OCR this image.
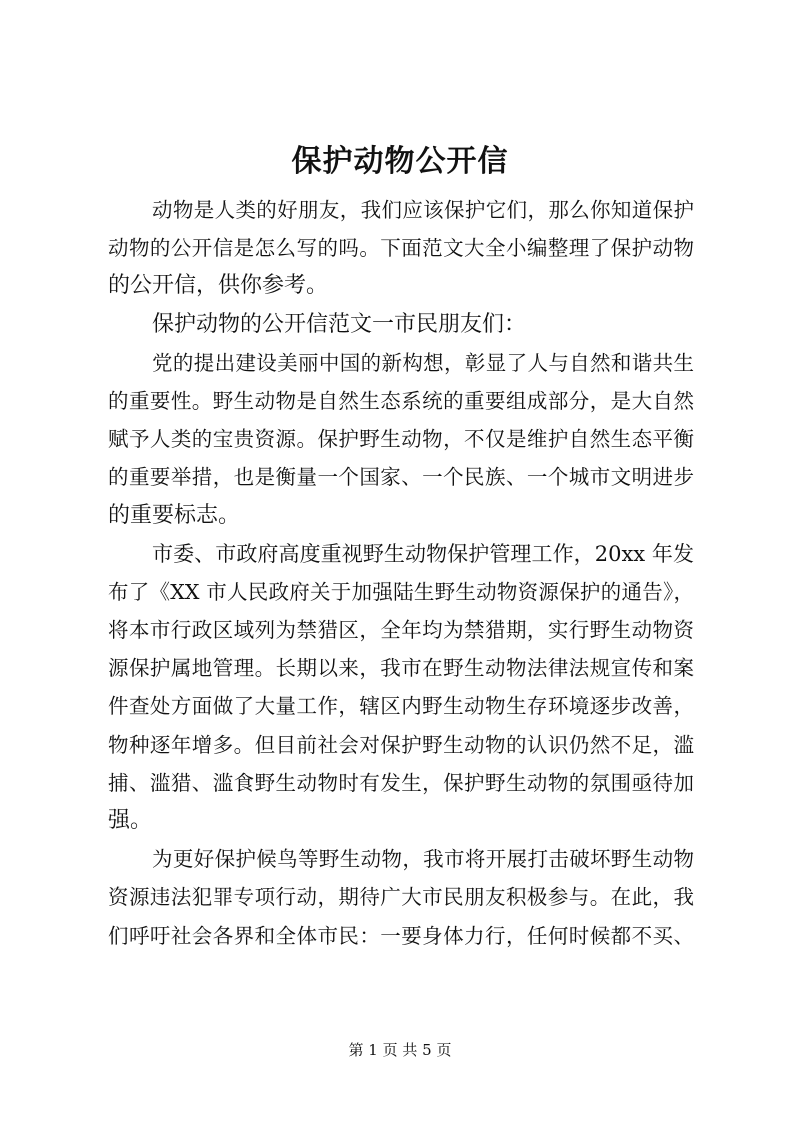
保护动物公开信
动物是人类的好朋友，我们应该保护它们，那么你知道保护
动物的公开信是怎么写的吗。下面范文大全小编整理了保护动物
的公开信，供你参考。
保护动物的公开信范文一市民朋友们：
党的提出建设美丽中国的新构想，彰显了人与自然和谐共生
的重要性。野生动物是自然生态系统的重要组成部分，是大自然
赋予人类的宝贵资源。保护野生动物，不仅是维护自然生态平衡
的重要举措，也是衡量一个国家、一个民族、一个城市文明进步
的重要标志。
市委、市政府高度重视野生动物保护管理工作，20xx 年发
布了《XX 市人民政府关于加强陆生野生动物资源保护的通告》，
将本市行政区域列为禁猎区，全年均为禁猎期，实行野生动物资
源保护属地管理。长期以来，我市在野生动物法律法规宣传和案
件查处方面做了大量工作，辖区内野生动物生存环境逐步改善，
物种逐年增多。但目前社会对保护野生动物的认识仍然不足，滥
捕、滥猎、滥食野生动物时有发生，保护野生动物的氛围亟待加
强。
为更好保护候鸟等野生动物，我市将开展打击破坏野生动物
资源违法犯罪专项行动，期待广大市民朋友积极参与。在此，我
们呼吁社会各界和全体市民：一要身体力行，任何时候都不买、
第 1 页 共 5 页
